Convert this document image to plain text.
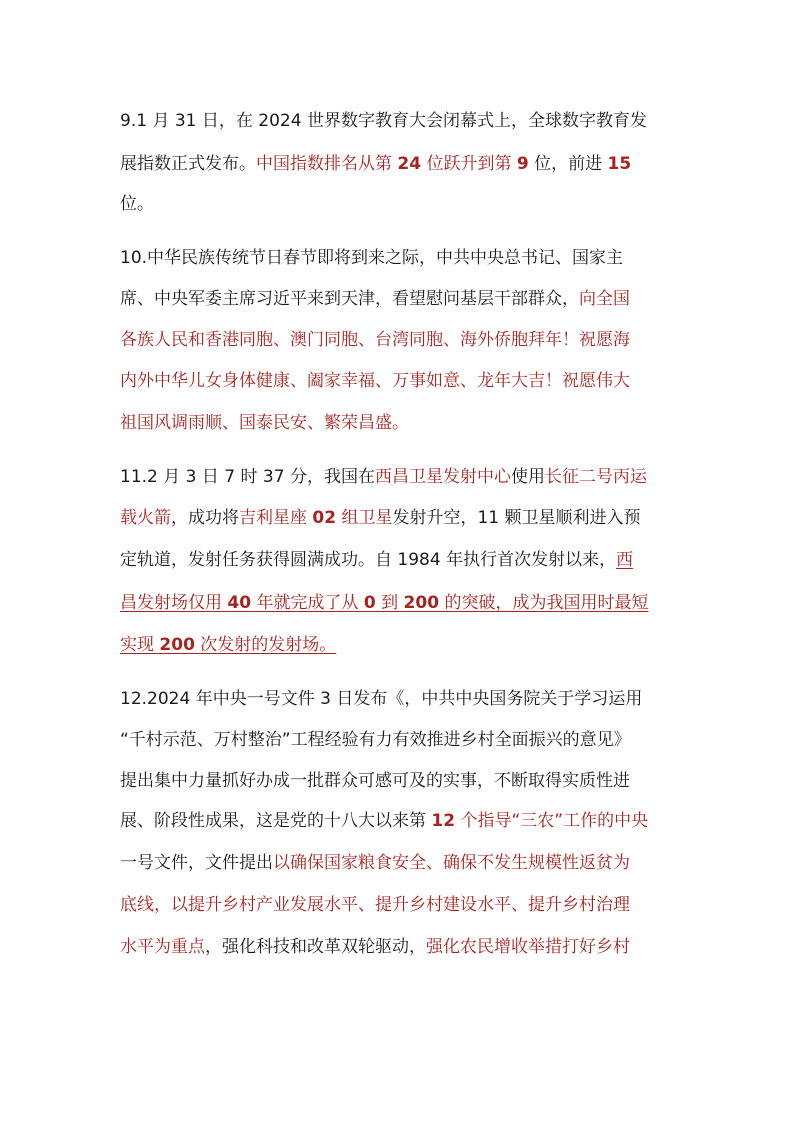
9.1 月 31 日，在 2024 世界数字教育大会闭幕式上，全球数字教育发
展指数正式发布。中国指数排名从第 24 位跃升到第 9 位，前进 15
位。
10.中华民族传统节日春节即将到来之际，中共中央总书记、国家主
席、中央军委主席习近平来到天津，看望慰问基层干部群众，向全国
各族人民和香港同胞、澳门同胞、台湾同胞、海外侨胞拜年！祝愿海
内外中华儿女身体健康、阖家幸福、万事如意、龙年大吉！祝愿伟大
祖国风调雨顺、国泰民安、繁荣昌盛。
11.2 月 3 日 7 时 37 分，我国在西昌卫星发射中心使用长征二号丙运
载火箭，成功将吉利星座 02 组卫星发射升空，11 颗卫星顺利进入预
定轨道，发射任务获得圆满成功。自 1984 年执行首次发射以来，西
昌发射场仅用 40 年就完成了从 0 到 200 的突破，成为我国用时最短
实现 200 次发射的发射场。
12.2024 年中央一号文件 3 日发布《，中共中央国务院关于学习运用
“千村示范、万村整治”工程经验有力有效推进乡村全面振兴的意见》
提出集中力量抓好办成一批群众可感可及的实事，不断取得实质性进
展、阶段性成果，这是党的十八大以来第 12 个指导“三农”工作的中央
一号文件，文件提出以确保国家粮食安全、确保不发生规模性返贫为
底线，以提升乡村产业发展水平、提升乡村建设水平、提升乡村治理
水平为重点，强化科技和改革双轮驱动，强化农民增收举措打好乡村
